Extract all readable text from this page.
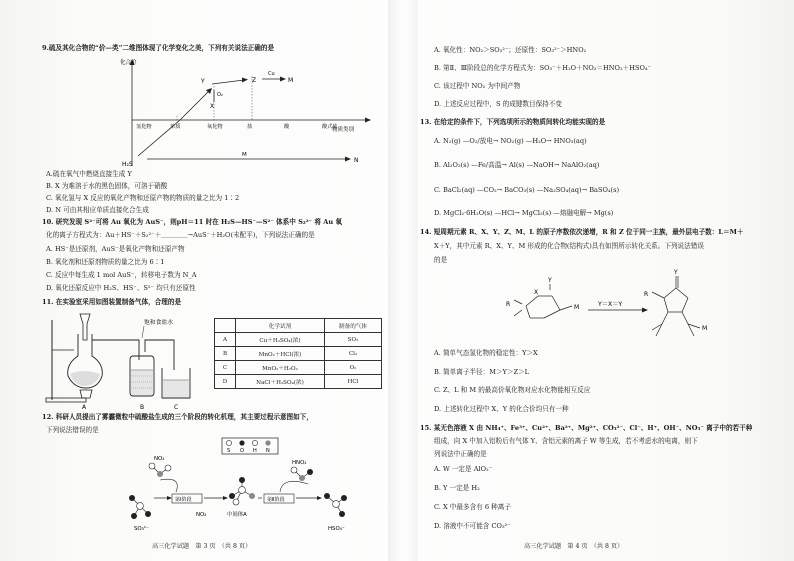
9.硫及其化合物的“价—类”二维图体现了化学变化之美，下列有关说法正确的是
化合价
物质类别
氢化物	单质	氧化物	盐	酸	酸式盐
H₂S
Y	Z	M
X
N
O₂
Cu
M
A.硫在氧气中燃烧直接生成 Y
B. X 为难溶于水的黑色固体，可溶于硝酸
C. 氧化氢与 X 反应的氧化产物和还原产物的物质的量之比为 1∶2
D. N 可由其相应单质直接化合生成
10. 研究发现 S²⁻可将 Au 氧化为 AuS⁻，则pH＝11 时在 H₂S—HS⁻—S²⁻ 体系中 S₂²⁻ 将 Au 氧
化的离子方程式为：Au＋HS⁻＋S₂²⁻＋＿＿＿＿→AuS⁻＋H₂O(未配平)，下列说法正确的是
A. HS⁻是还原剂，AuS⁻是氧化产物和还原产物
B. 氧化剂和还原剂物质的量之比为 6∶1
C. 反应中每生成 1 mol AuS⁻，转移电子数为 N_A
D. 氧化还原反应中 H₂S、HS⁻、S²⁻ 均只有还原性
11. 在实验室采用如图装置制备气体，合理的是
饱和食盐水
A	B	C
	化学试剂	制备的气体
A	Cu＋H₂SO₄(浓)	SO₂
B	MnO₂＋HCl(浓)	Cl₂
C	MnO₂＋H₂O₂	O₂
D	NaCl＋H₂SO₄(浓)	HCl
12. 科研人员提出了雾霾微粒中硫酸盐生成的三个阶段的转化机理，其主要过程示意图如下，
下列说法错误的是
S O H N
NO₂
HNO₂
SO₃²⁻
第Ⅰ阶段	第Ⅱ阶段
中间体A
HSO₄⁻
NO₂
高三化学试题　第 3 页　（共 8 页）
A. 氧化性：NO₂＞SO₃²⁻；还原性：SO₃²⁻＞HNO₂
B. 第Ⅱ、Ⅲ阶段总的化学方程式为：SO₃⁻＋H₂O＋NO₂＝HNO₂＋HSO₄⁻
C. 该过程中 NO₂ 为中间产物
D. 上述反应过程中，S 的成键数目保持不变
13. 在给定的条件下，下列选项所示的物质间转化均能实现的是
A. N₂(g) —O₂/放电→ NO₂(g) —H₂O→ HNO₃(aq)
B. Al₂O₃(s) —Fe/高温→ Al(s) —NaOH→ NaAlO₂(aq)
C. BaCl₂(aq) —CO₂→ BaCO₃(s) —Na₂SO₄(aq)→ BaSO₄(s)
D. MgCl₂·6H₂O(s) —HCl→ MgCl₂(s) —熔融电解→ Mg(s)
14. 短周期元素 R、X、Y、Z、M、L 的原子序数依次递增，R 和 Z 位于同一主族，最外层电子数：L＝M＋
X＋Y，其中元素 R、X、Y、M 形成的化合物(结构式)具有如图所示转化关系。下列说法错误
的是
R
X
Y
M	Y＝X＝Y
Y
M
R
A. 简单气态氢化物的稳定性：Y＞X
B. 简单离子半径：M＞Y＞Z＞L
C. Z、L 和 M 的最高价氧化物对应水化物能相互反应
D. 上述转化过程中 X、Y 的化合价均只有一种
15. 某无色溶液 X 由 NH₄⁺、Fe³⁺、Cu²⁺、Ba²⁺、Mg²⁺、CO₃²⁻、Cl⁻、H⁺、OH⁻、NO₃⁻ 离子中的若干种
组成，向 X 中加入铝粉后有气体 Y、含铝元素的离子 W 等生成，若不考虑水的电离，则下
列说法中正确的是
A. W 一定是 AlO₂⁻
B. Y 一定是 H₂
C. X 中最多含有 6 种离子
D. 溶液中不可能含 CO₃²⁻
高三化学试题　第 4 页　（共 8 页）
